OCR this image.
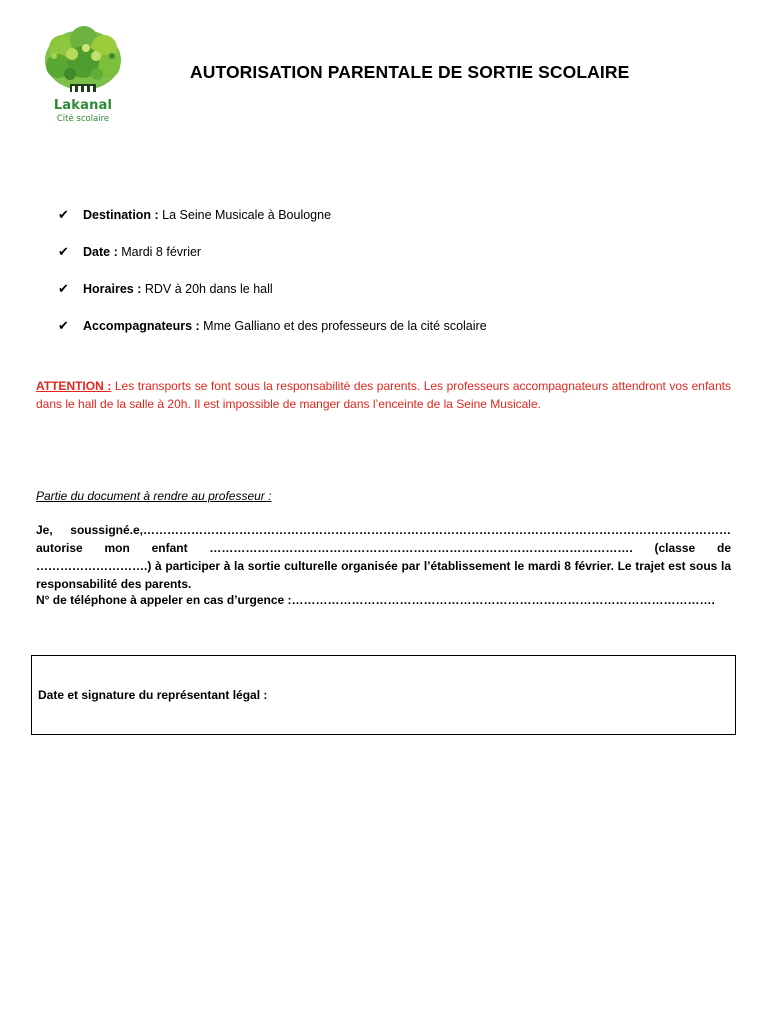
Lakanal
Cité scolaire
AUTORISATION PARENTALE DE SORTIE SCOLAIRE
✔	Destination : La Seine Musicale à Boulogne
✔	Date : Mardi 8 février
✔	Horaires : RDV à 20h dans le hall
✔	Accompagnateurs : Mme Galliano et des professeurs de la cité scolaire
ATTENTION : Les transports se font sous la responsabilité des parents. Les professeurs accompagnateurs attendront vos enfants dans le hall de la salle à 20h. Il est impossible de manger dans l’enceinte de la Seine Musicale.
Partie du document à rendre au professeur :
Je, soussigné.e,…………………………………………………………………………………………………………………………………autorise mon enfant ……………………………………………………………………………………………. (classe de ……………………….) à participer à la sortie culturelle organisée par l’établissement le mardi 8 février. Le trajet est sous la responsabilité des parents.
N° de téléphone à appeler en cas d’urgence :…………………………………………………………………………………………….
Date et signature du représentant légal :
